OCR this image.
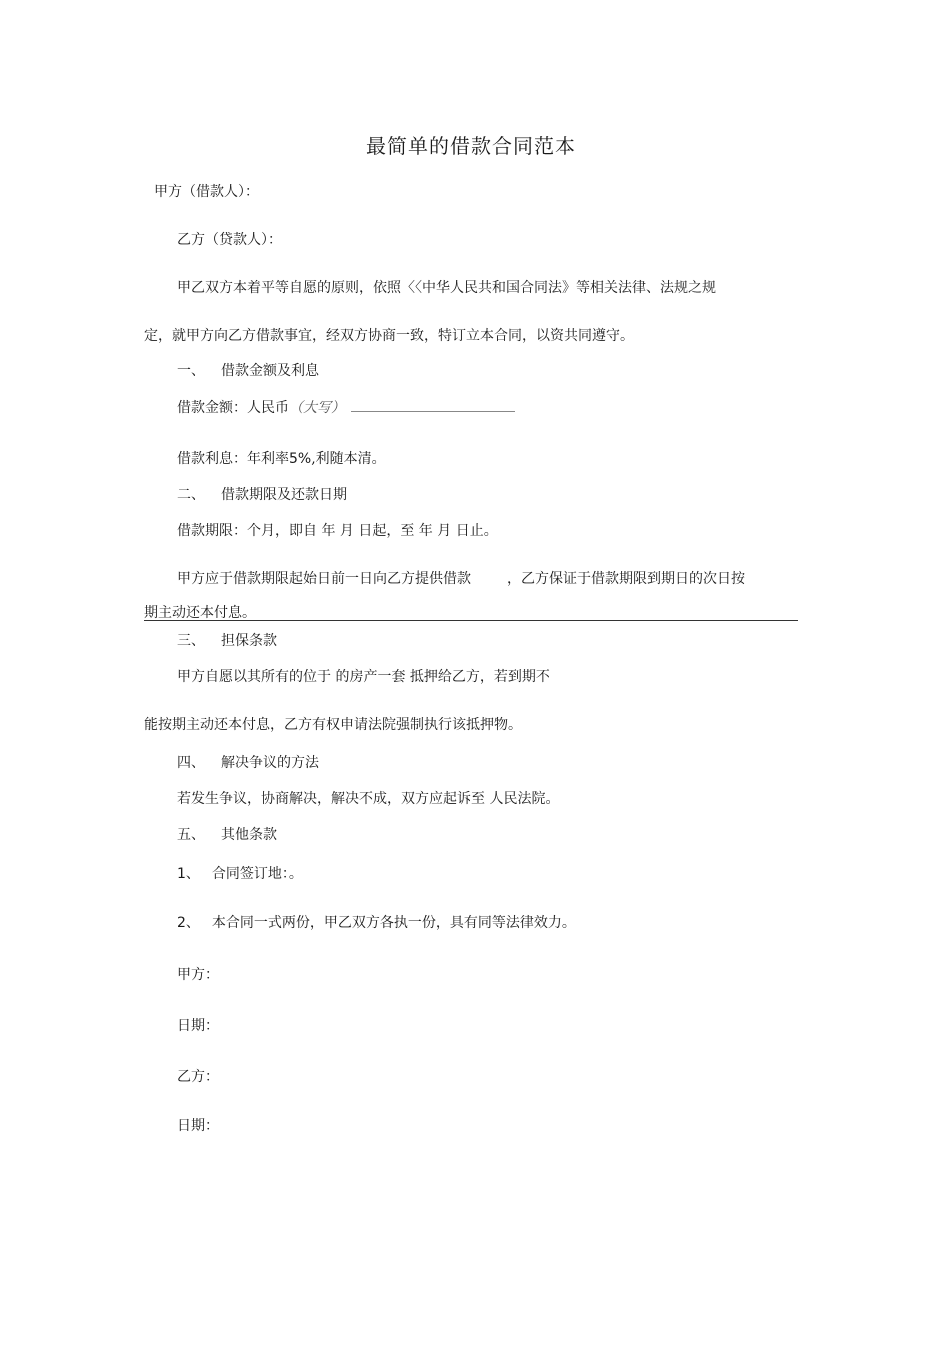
最简单的借款合同范本
甲方（借款人）：
乙方（贷款人）：
甲乙双方本着平等自愿的原则，依照〈〈中华人民共和国合同法》等相关法律、法规之规
定，就甲方向乙方借款事宜，经双方协商一致，特订立本合同，以资共同遵守。
一、 借款金额及利息
借款金额：人民币（大写）
借款利息：年利率5%,利随本清。
二、 借款期限及还款日期
借款期限：个月，即自 年 月 日起，至 年 月 日止。
甲方应于借款期限起始日前一日向乙方提供借款	，乙方保证于借款期限到期日的次日按
期主动还本付息。
三、 担保条款
甲方自愿以其所有的位于 的房产一套 抵押给乙方，若到期不
能按期主动还本付息，乙方有权申请法院强制执行该抵押物。
四、 解决争议的方法
若发生争议，协商解决，解决不成，双方应起诉至 人民法院。
五、 其他条款
1、 合同签订地：。
2、 本合同一式两份，甲乙双方各执一份，具有同等法律效力。
甲方：
日期：
乙方：
日期：
